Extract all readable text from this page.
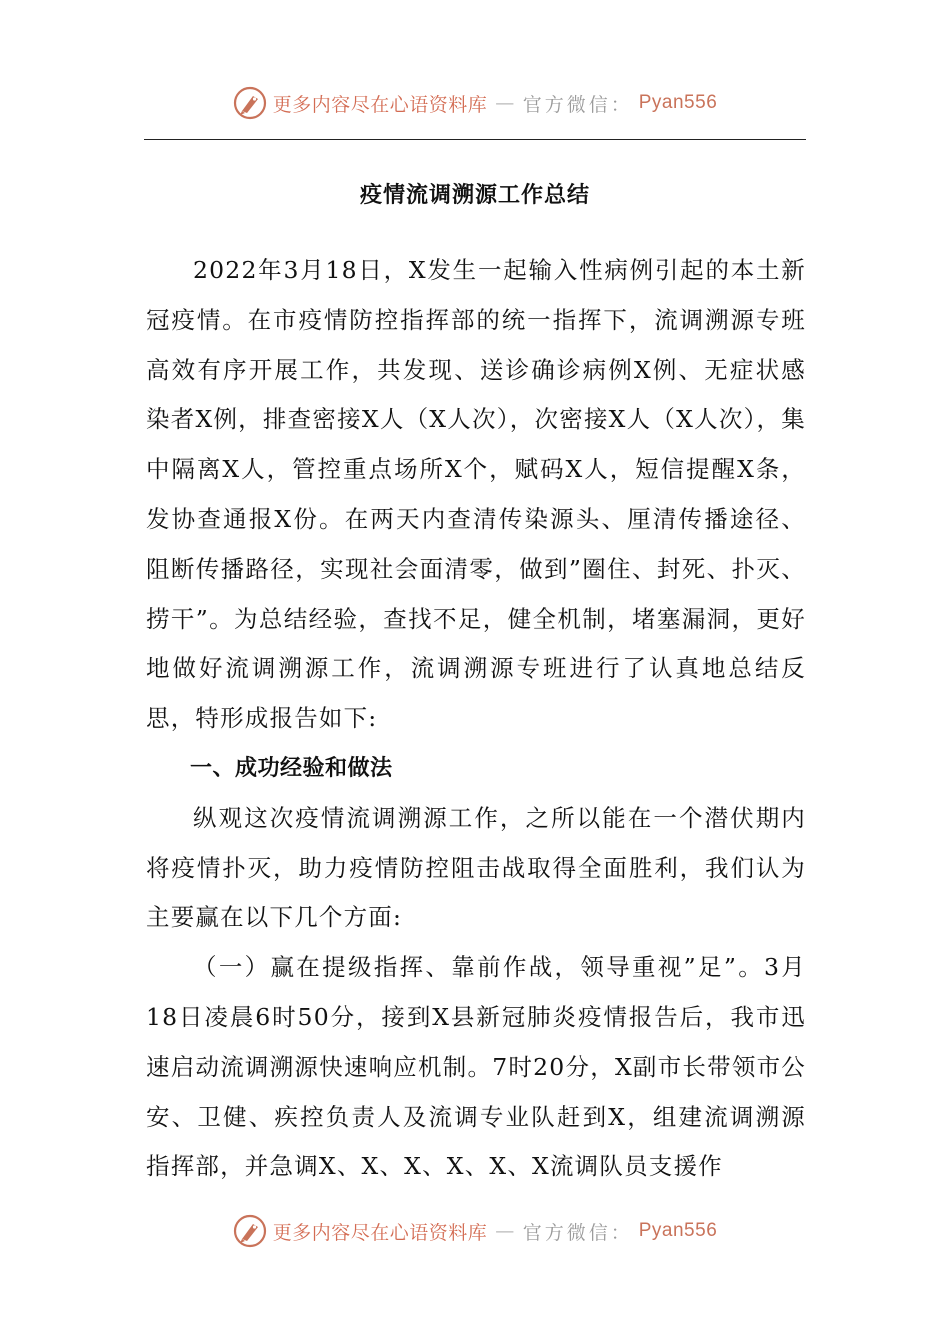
更多内容尽在心语资料库 — 官方微信： Pyan556
疫情流调溯源工作总结

2022年3月18日，X发生一起输入性病例引起的本土新冠疫情。在市疫情防控指挥部的统一指挥下，流调溯源专班高效有序开展工作，共发现、送诊确诊病例X例、无症状感染者X例，排查密接X人（X人次），次密接X人（X人次），集中隔离X人，管控重点场所X个，赋码X人，短信提醒X条，发协查通报X份。在两天内查清传染源头、厘清传播途径、阻断传播路径，实现社会面清零，做到”圈住、封死、扑灭、捞干”。为总结经验，查找不足，健全机制，堵塞漏洞，更好地做好流调溯源工作，流调溯源专班进行了认真地总结反思，特形成报告如下:

一、成功经验和做法

纵观这次疫情流调溯源工作，之所以能在一个潜伏期内将疫情扑灭，助力疫情防控阻击战取得全面胜利，我们认为主要赢在以下几个方面:

（一）赢在提级指挥、靠前作战，领导重视”足”。3月18日凌晨6时50分，接到X县新冠肺炎疫情报告后，我市迅速启动流调溯源快速响应机制。7时20分，X副市长带领市公安、卫健、疾控负责人及流调专业队赶到X，组建流调溯源指挥部，并急调X、X、X、X、X、X流调队员支援作

更多内容尽在心语资料库 — 官方微信： Pyan556
